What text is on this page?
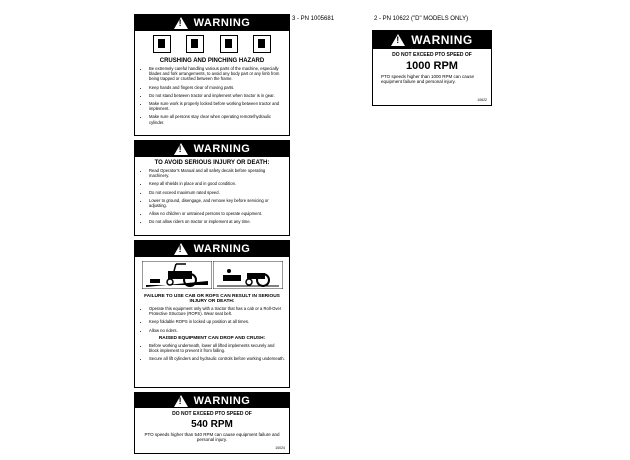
3 - PN 1005681	2 - PN 10622 ("D" MODELS ONLY)
!
WARNING
CRUSHING AND PINCHING HAZARD
• Be extremely careful handling various parts of the machine, especially blades and fork arrangements, to avoid any body part or any limb from being trapped or crushed between the frame.
• Keep hands and fingers clear of moving parts.
• Do not stand between tractor and implement when tractor is in gear.
• Make sure work is properly locked before working between tractor and implement.
• Make sure all persons stay clear when operating remote/hydraulic cylinder.
!
WARNING
TO AVOID SERIOUS INJURY OR DEATH:
• Read Operator's Manual and all safety decals before operating machinery.
• Keep all shields in place and in good condition.
• Do not exceed maximum rated speed.
• Lower to ground, disengage, and remove key before servicing or adjusting.
• Allow no children or untrained persons to operate equipment.
• Do not allow riders on tractor or implement at any time.
!
WARNING
FAILURE TO USE CAB OR ROPS CAN RESULT IN SERIOUS INJURY OR DEATH:
• Operate this equipment only with a tractor that has a cab or a Roll-Over Protective Structure (ROPS). Wear seat belt.
• Keep foldable ROPS in locked up position at all times.
• Allow no riders.
RAISED EQUIPMENT CAN DROP AND CRUSH:
• Before working underneath, lower all lifted implements securely and block implement to prevent it from falling.
• Secure all lift cylinders and hydraulic controls before working underneath.
!
WARNING
DO NOT EXCEED PTO SPEED OF
540 RPM
PTO speeds higher than 540 RPM can cause equipment failure and personal injury.
10024
!
WARNING
DO NOT EXCEED PTO SPEED OF
1000 RPM
PTO speeds higher than 1000 RPM can cause equipment failure and personal injury.
10622
